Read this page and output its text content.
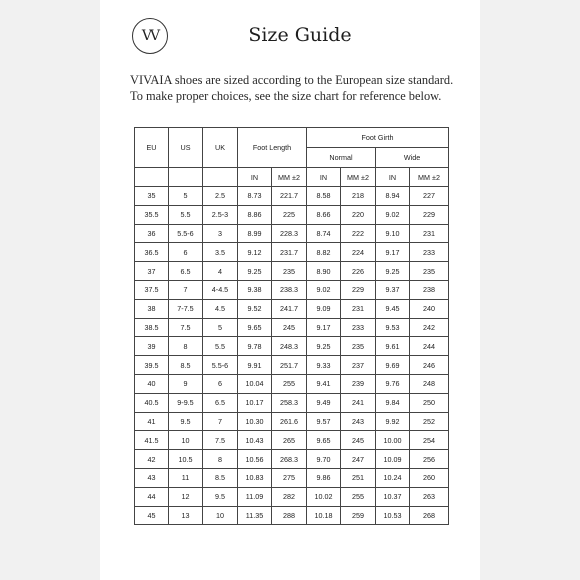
VV	Size Guide
VIVAIA shoes are sized according to the European size standard.
To make proper choices, see the size chart for reference below.
EU	US	UK	Foot Length		Foot Girth			
					Normal		Wide	
			IN	MM ±2	IN	MM ±2	IN	MM ±2
35	5	2.5	8.73	221.7	8.58	218	8.94	227
35.5	5.5	2.5-3	8.86	225	8.66	220	9.02	229
36	5.5-6	3	8.99	228.3	8.74	222	9.10	231
36.5	6	3.5	9.12	231.7	8.82	224	9.17	233
37	6.5	4	9.25	235	8.90	226	9.25	235
37.5	7	4-4.5	9.38	238.3	9.02	229	9.37	238
38	7-7.5	4.5	9.52	241.7	9.09	231	9.45	240
38.5	7.5	5	9.65	245	9.17	233	9.53	242
39	8	5.5	9.78	248.3	9.25	235	9.61	244
39.5	8.5	5.5-6	9.91	251.7	9.33	237	9.69	246
40	9	6	10.04	255	9.41	239	9.76	248
40.5	9-9.5	6.5	10.17	258.3	9.49	241	9.84	250
41	9.5	7	10.30	261.6	9.57	243	9.92	252
41.5	10	7.5	10.43	265	9.65	245	10.00	254
42	10.5	8	10.56	268.3	9.70	247	10.09	256
43	11	8.5	10.83	275	9.86	251	10.24	260
44	12	9.5	11.09	282	10.02	255	10.37	263
45	13	10	11.35	288	10.18	259	10.53	268
